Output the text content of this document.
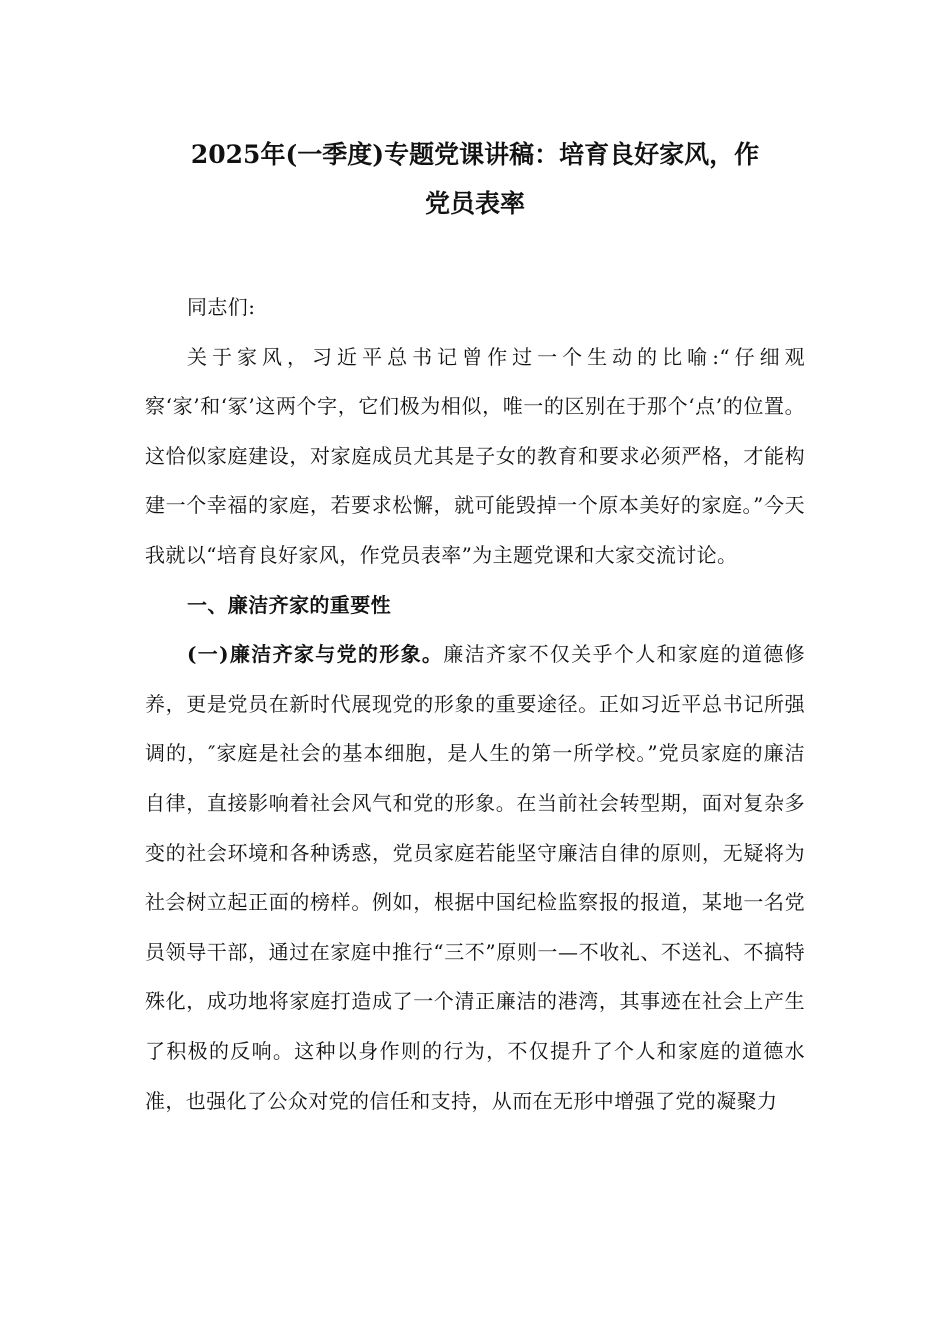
2025年(一季度)专题党课讲稿：培育良好家风，作
党员表率

同志们:

关于家风，习近平总书记曾作过一个生动的比喻:“仔细观察‘家’和‘冢’这两个字，它们极为相似，唯一的区别在于那个‘点’的位置。这恰似家庭建设，对家庭成员尤其是子女的教育和要求必须严格，才能构建一个幸福的家庭，若要求松懈，就可能毁掉一个原本美好的家庭。”今天我就以“培育良好家风，作党员表率”为主题党课和大家交流讨论。

一、廉洁齐家的重要性

(一)廉洁齐家与党的形象。廉洁齐家不仅关乎个人和家庭的道德修养，更是党员在新时代展现党的形象的重要途径。正如习近平总书记所强调的，″家庭是社会的基本细胞，是人生的第一所学校。”党员家庭的廉洁自律，直接影响着社会风气和党的形象。在当前社会转型期，面对复杂多变的社会环境和各种诱惑，党员家庭若能坚守廉洁自律的原则，无疑将为社会树立起正面的榜样。例如，根据中国纪检监察报的报道，某地一名党员领导干部，通过在家庭中推行“三不”原则一—不收礼、不送礼、不搞特殊化，成功地将家庭打造成了一个清正廉洁的港湾，其事迹在社会上产生了积极的反响。这种以身作则的行为，不仅提升了个人和家庭的道德水准，也强化了公众对党的信任和支持，从而在无形中增强了党的凝聚力
